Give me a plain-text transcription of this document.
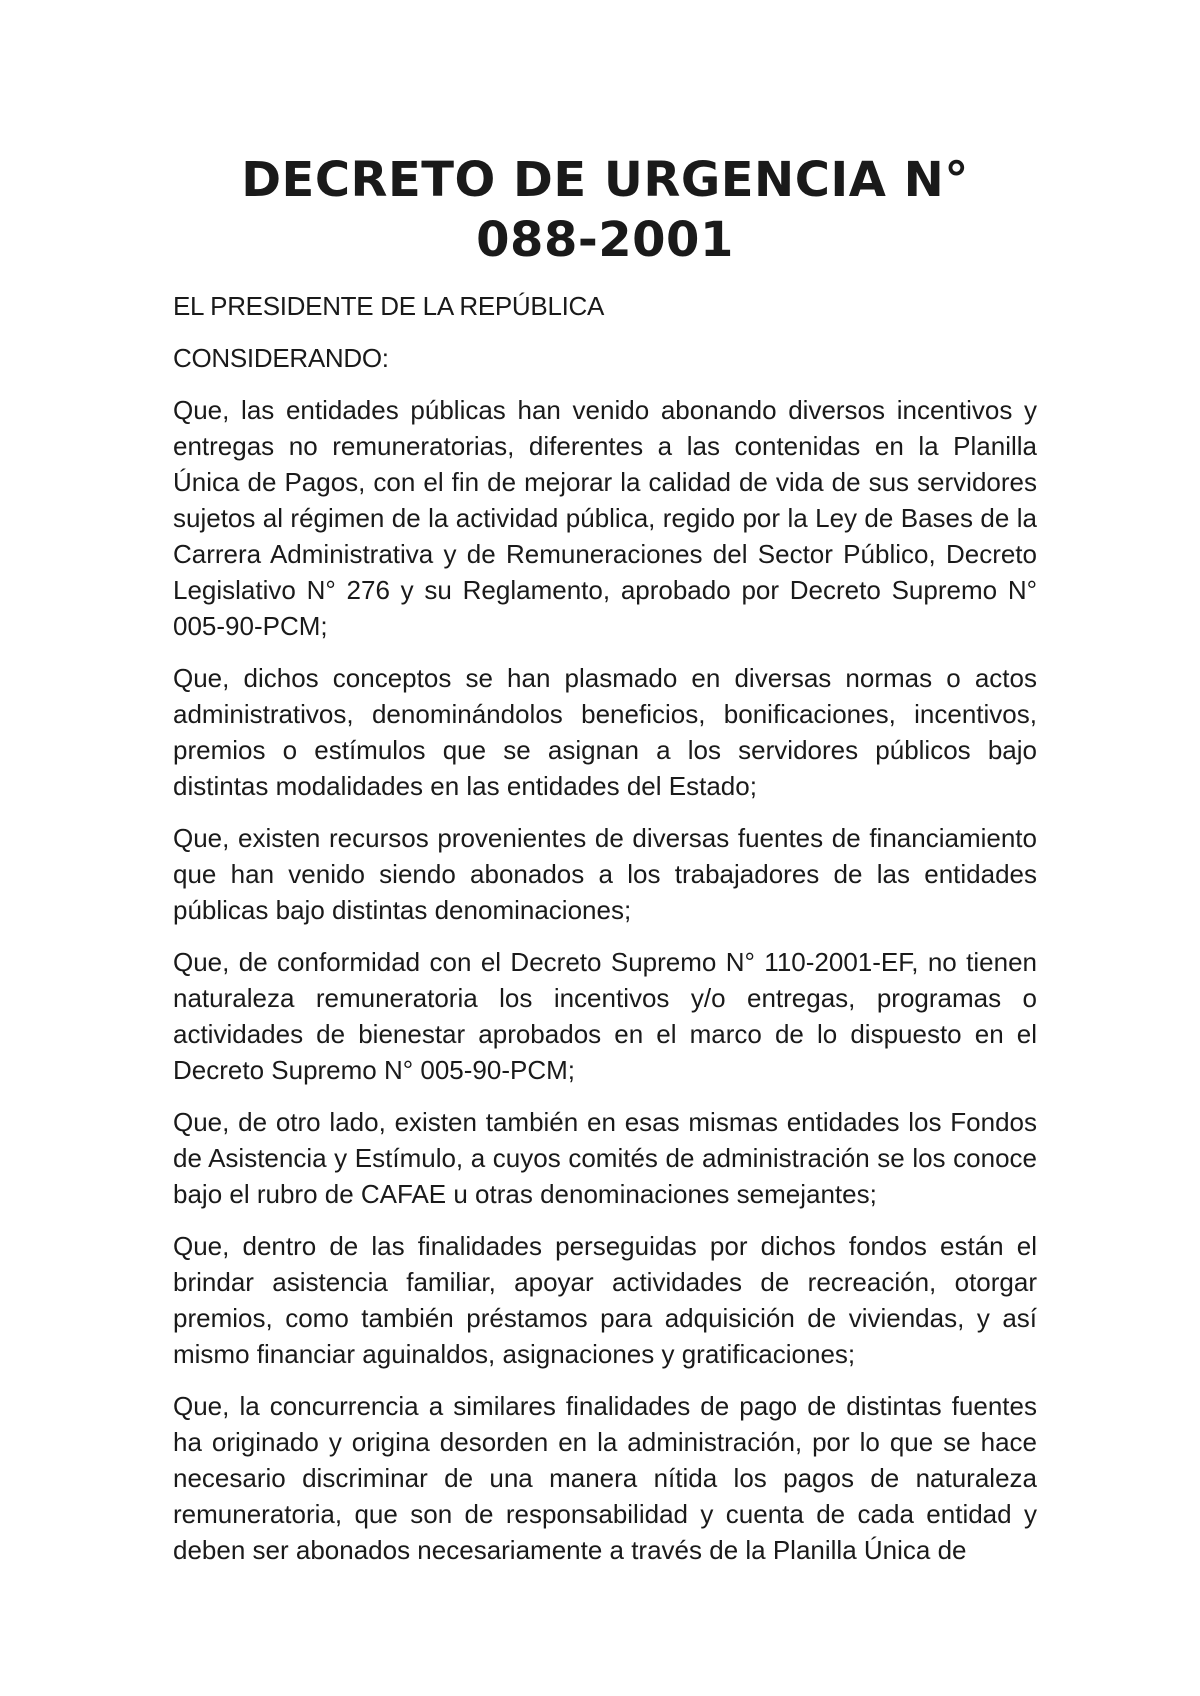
DECRETO DE URGENCIA N°
088-2001

EL PRESIDENTE DE LA REPÚBLICA

CONSIDERANDO:

Que, las entidades públicas han venido abonando diversos incentivos y entregas no remuneratorias, diferentes a las contenidas en la Planilla Única de Pagos, con el fin de mejorar la calidad de vida de sus servidores sujetos al régimen de la actividad pública, regido por la Ley de Bases de la Carrera Administrativa y de Remuneraciones del Sector Público, Decreto Legislativo N° 276 y su Reglamento, aprobado por Decreto Supremo N° 005-90-PCM;

Que, dichos conceptos se han plasmado en diversas normas o actos administrativos, denominándolos beneficios, bonificaciones, incentivos, premios o estímulos que se asignan a los servidores públicos bajo distintas modalidades en las entidades del Estado;

Que, existen recursos provenientes de diversas fuentes de financiamiento que han venido siendo abonados a los trabajadores de las entidades públicas bajo distintas denominaciones;

Que, de conformidad con el Decreto Supremo N° 110-2001-EF, no tienen naturaleza remuneratoria los incentivos y/o entregas, programas o actividades de bienestar aprobados en el marco de lo dispuesto en el Decreto Supremo N° 005-90-PCM;

Que, de otro lado, existen también en esas mismas entidades los Fondos de Asistencia y Estímulo, a cuyos comités de administración se los conoce bajo el rubro de CAFAE u otras denominaciones semejantes;

Que, dentro de las finalidades perseguidas por dichos fondos están el brindar asistencia familiar, apoyar actividades de recreación, otorgar premios, como también préstamos para adquisición de viviendas, y así mismo financiar aguinaldos, asignaciones y gratificaciones;

Que, la concurrencia a similares finalidades de pago de distintas fuentes ha originado y origina desorden en la administración, por lo que se hace necesario discriminar de una manera nítida los pagos de naturaleza remuneratoria, que son de responsabilidad y cuenta de cada entidad y deben ser abonados necesariamente a través de la Planilla Única de
